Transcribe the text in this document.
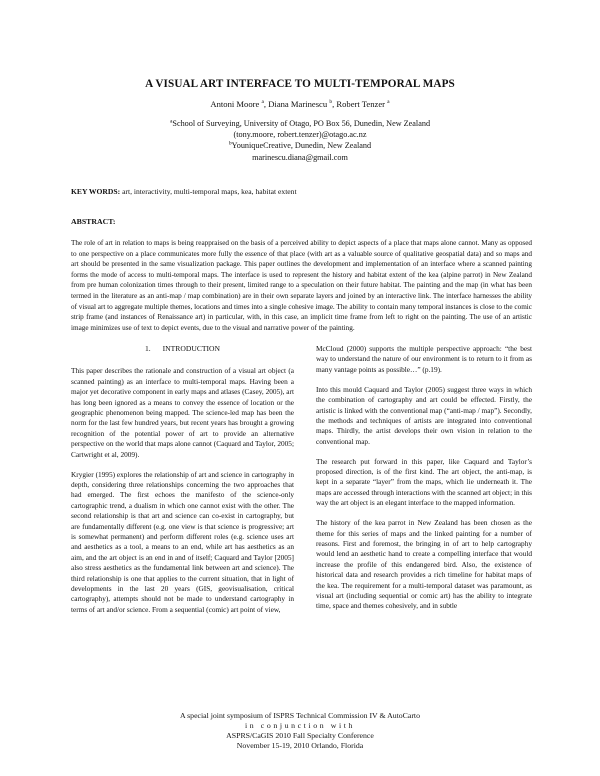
A VISUAL ART INTERFACE TO MULTI-TEMPORAL MAPS
Antoni Moore $^a$, Diana Marinescu $^b$, Robert Tenzer $^a$

$^a$School of Surveying, University of Otago, PO Box 56, Dunedin, New Zealand

(tony.moore, robert.tenzer)@otago.ac.nz

$^b$YouniqueCreative, Dunedin, New Zealand

marinescu.diana@gmail.com

KEY WORDS: art, interactivity, multi-temporal maps, kea, habitat extent
ABSTRACT:

The role of art in relation to maps is being reappraised on the basis of a perceived ability to depict aspects of a place that maps alone cannot. Many as opposed to one perspective on a place communicates more fully the essence of that place (with art as a valuable source of qualitative geospatial data) and so maps and art should be presented in the same visualization package. This paper outlines the development and implementation of an interface where a scanned painting forms the mode of access to multi-temporal maps. The interface is used to represent the history and habitat extent of the kea (alpine parrot) in New Zealand from pre human colonization times through to their present, limited range to a speculation on their future habitat. The painting and the map (in what has been termed in the literature as an anti-map / map combination) are in their own separate layers and joined by an interactive link. The interface harnesses the ability of visual art to aggregate multiple themes, locations and times into a single cohesive image. The ability to contain many temporal instances is close to the comic strip frame (and instances of Renaissance art) in particular, with, in this case, an implicit time frame from left to right on the painting. The use of an artistic image minimizes use of text to depict events, due to the visual and narrative power of the painting.

1. INTRODUCTION

This paper describes the rationale and construction of a visual art object (a scanned painting) as an interface to multi-temporal maps. Having been a major yet decorative component in early maps and atlases (Casey, 2005), art has long been ignored as a means to convey the essence of location or the geographic phenomenon being mapped. The science-led map has been the norm for the last few hundred years, but recent years has brought a growing recognition of the potential power of art to provide an alternative perspective on the world that maps alone cannot (Caquard and Taylor, 2005; Cartwright et al, 2009).

Krygier (1995) explores the relationship of art and science in cartography in depth, considering three relationships concerning the two approaches that had emerged. The first echoes the manifesto of the science-only cartographic trend, a dualism in which one cannot exist with the other. The second relationship is that art and science can co-exist in cartography, but are fundamentally different (e.g. one view is that science is progressive; art is somewhat permanent) and perform different roles (e.g. science uses art and aesthetics as a tool, a means to an end, while art has aesthetics as an aim, and the art object is an end in and of itself; Caquard and Taylor [2005] also stress aesthetics as the fundamental link between art and science). The third relationship is one that applies to the current situation, that in light of developments in the last 20 years (GIS, geovisualisation, critical cartography), attempts should not be made to understand cartography in terms of art and/or science. From a sequential (comic) art point of view,

McCloud (2000) supports the multiple perspective approach: “the best way to understand the nature of our environment is to return to it from as many vantage points as possible…” (p.19).

Into this mould Caquard and Taylor (2005) suggest three ways in which the combination of cartography and art could be effected. Firstly, the artistic is linked with the conventional map (“anti-map / map”). Secondly, the methods and techniques of artists are integrated into conventional maps. Thirdly, the artist develops their own vision in relation to the conventional map.

The research put forward in this paper, like Caquard and Taylor’s proposed direction, is of the first kind. The art object, the anti-map, is kept in a separate “layer” from the maps, which lie underneath it. The maps are accessed through interactions with the scanned art object; in this way the art object is an elegant interface to the mapped information.

The history of the kea parrot in New Zealand has been chosen as the theme for this series of maps and the linked painting for a number of reasons. First and foremost, the bringing in of art to help cartography would lend an aesthetic hand to create a compelling interface that would increase the profile of this endangered bird. Also, the existence of historical data and research provides a rich timeline for habitat maps of the kea. The requirement for a multi-temporal dataset was paramount, as visual art (including sequential or comic art) has the ability to integrate time, space and themes cohesively, and in subtle

A special joint symposium of ISPRS Technical Commission IV & AutoCarto

in conjunction with

ASPRS/CaGIS 2010 Fall Specialty Conference

November 15-19, 2010 Orlando, Florida
